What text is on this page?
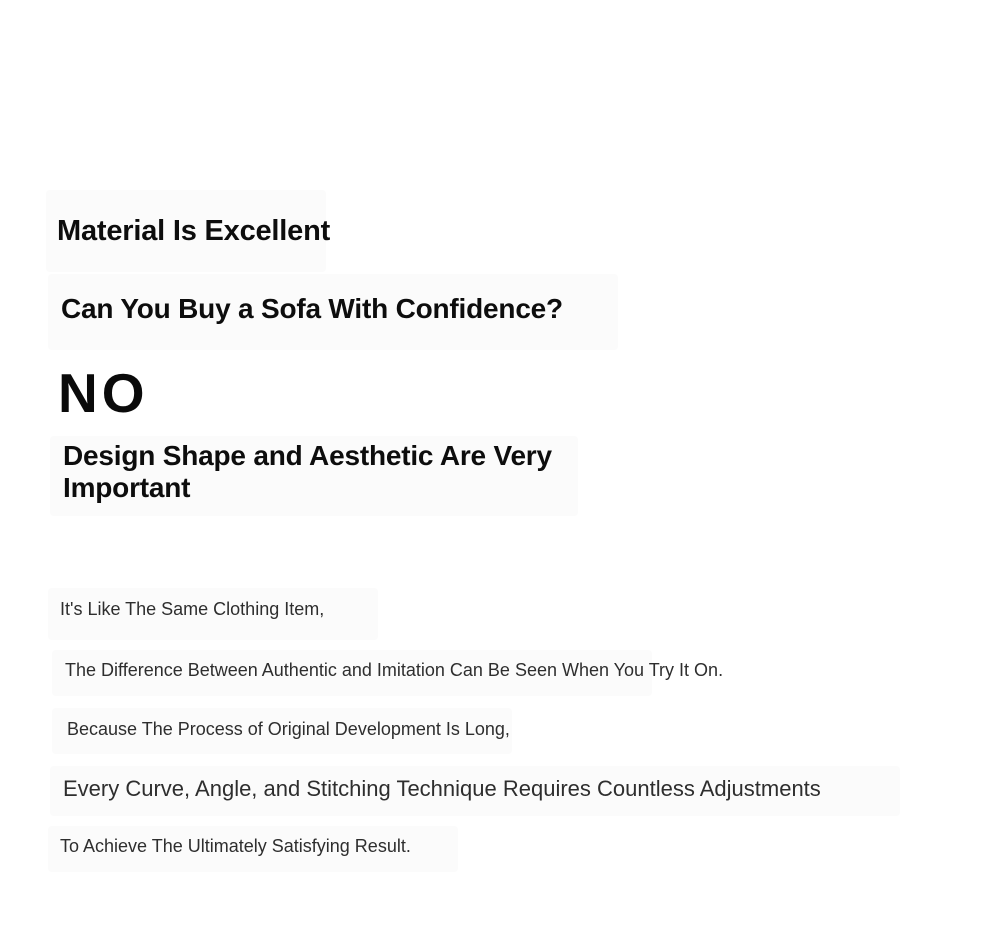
Material Is Excellent
Can You Buy a Sofa With Confidence?
NO
Design Shape and Aesthetic Are Very Important

It's Like The Same Clothing Item,

The Difference Between Authentic and Imitation Can Be Seen When You Try It On.

Because The Process of Original Development Is Long,

Every Curve, Angle, and Stitching Technique Requires Countless Adjustments

To Achieve The Ultimately Satisfying Result.
